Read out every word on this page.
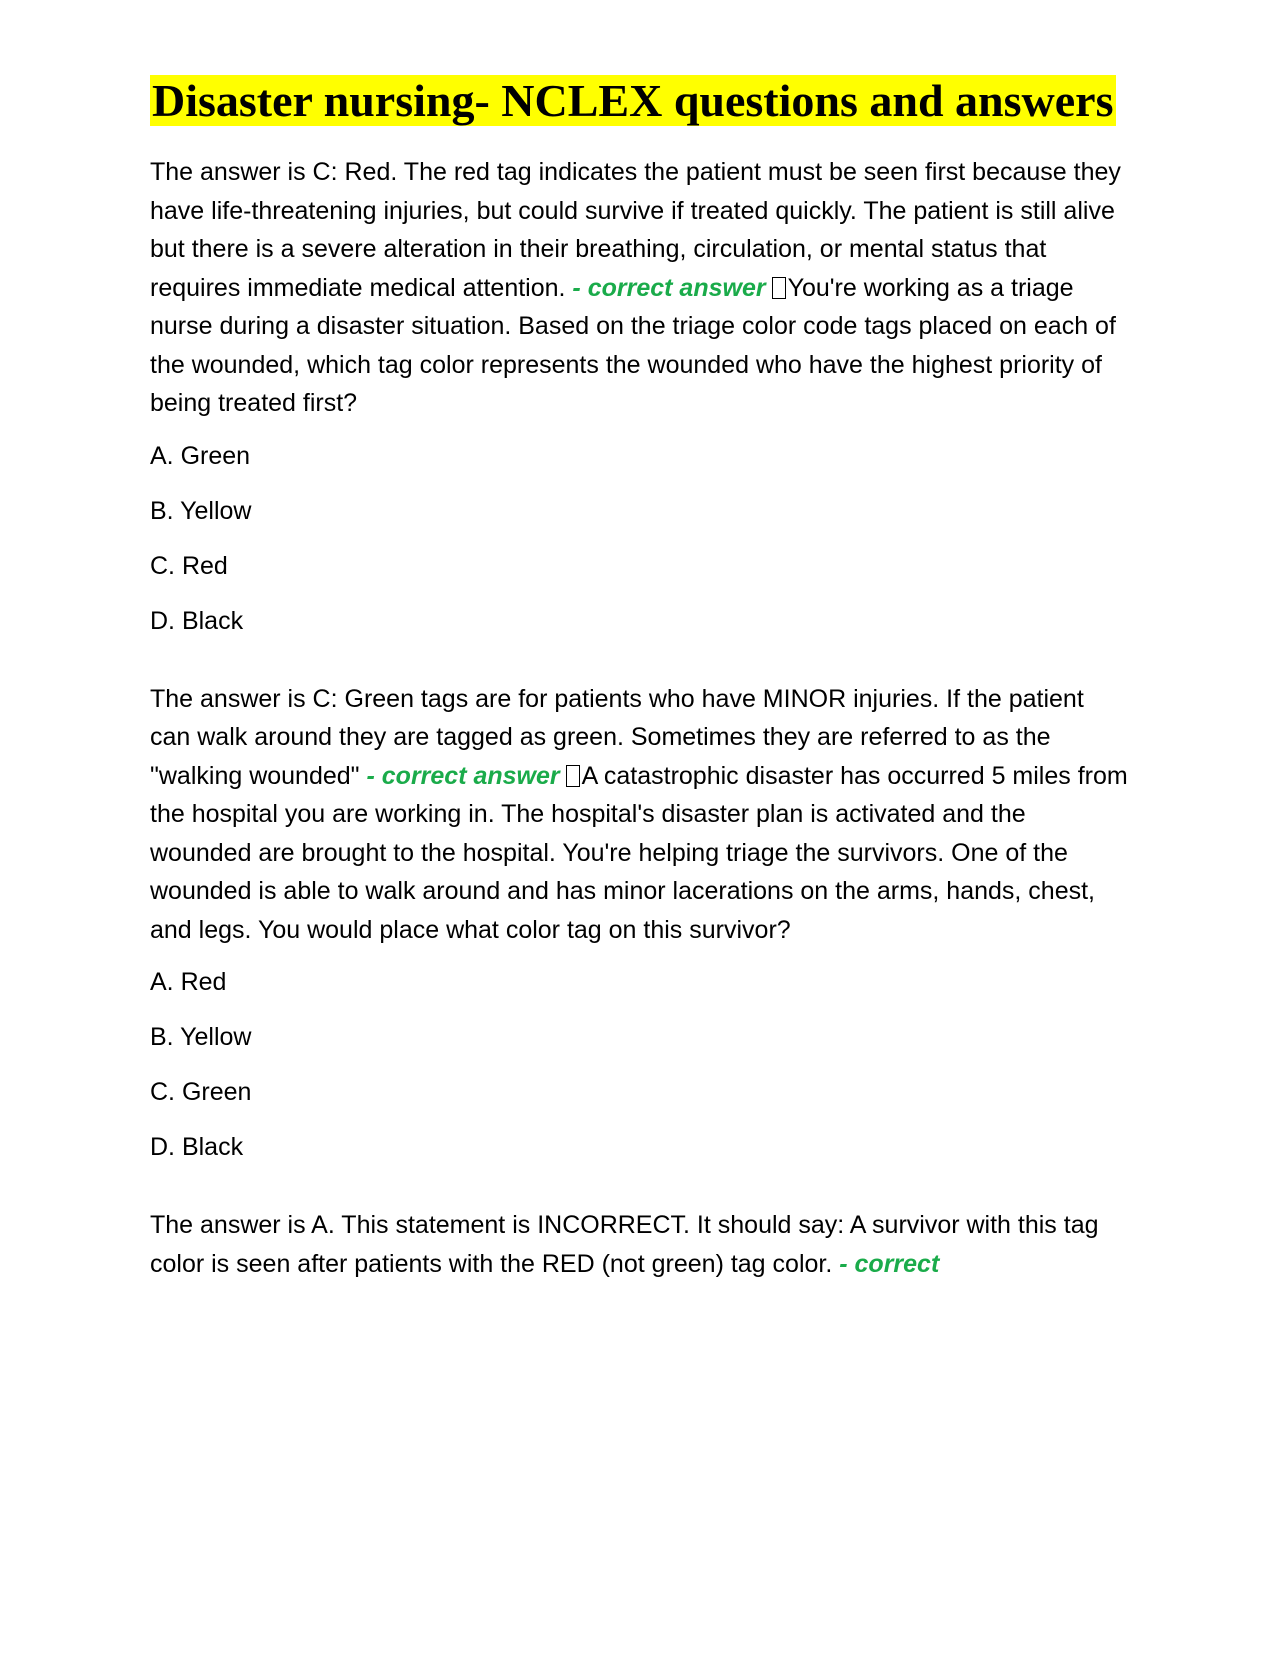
Disaster nursing- NCLEX questions and answers

The answer is C: Red. The red tag indicates the patient must be seen first because they have life-threatening injuries, but could survive if treated quickly. The patient is still alive but there is a severe alteration in their breathing, circulation, or mental status that requires immediate medical attention. - correct answer You're working as a triage nurse during a disaster situation. Based on the triage color code tags placed on each of the wounded, which tag color represents the wounded who have the highest priority of being treated first?

A. Green
B. Yellow
C. Red
D. Black

The answer is C: Green tags are for patients who have MINOR injuries. If the patient can walk around they are tagged as green. Sometimes they are referred to as the "walking wounded" - correct answer A catastrophic disaster has occurred 5 miles from the hospital you are working in. The hospital's disaster plan is activated and the wounded are brought to the hospital. You're helping triage the survivors. One of the wounded is able to walk around and has minor lacerations on the arms, hands, chest, and legs. You would place what color tag on this survivor?

A. Red
B. Yellow
C. Green
D. Black

The answer is A. This statement is INCORRECT. It should say: A survivor with this tag color is seen after patients with the RED (not green) tag color. - correct
